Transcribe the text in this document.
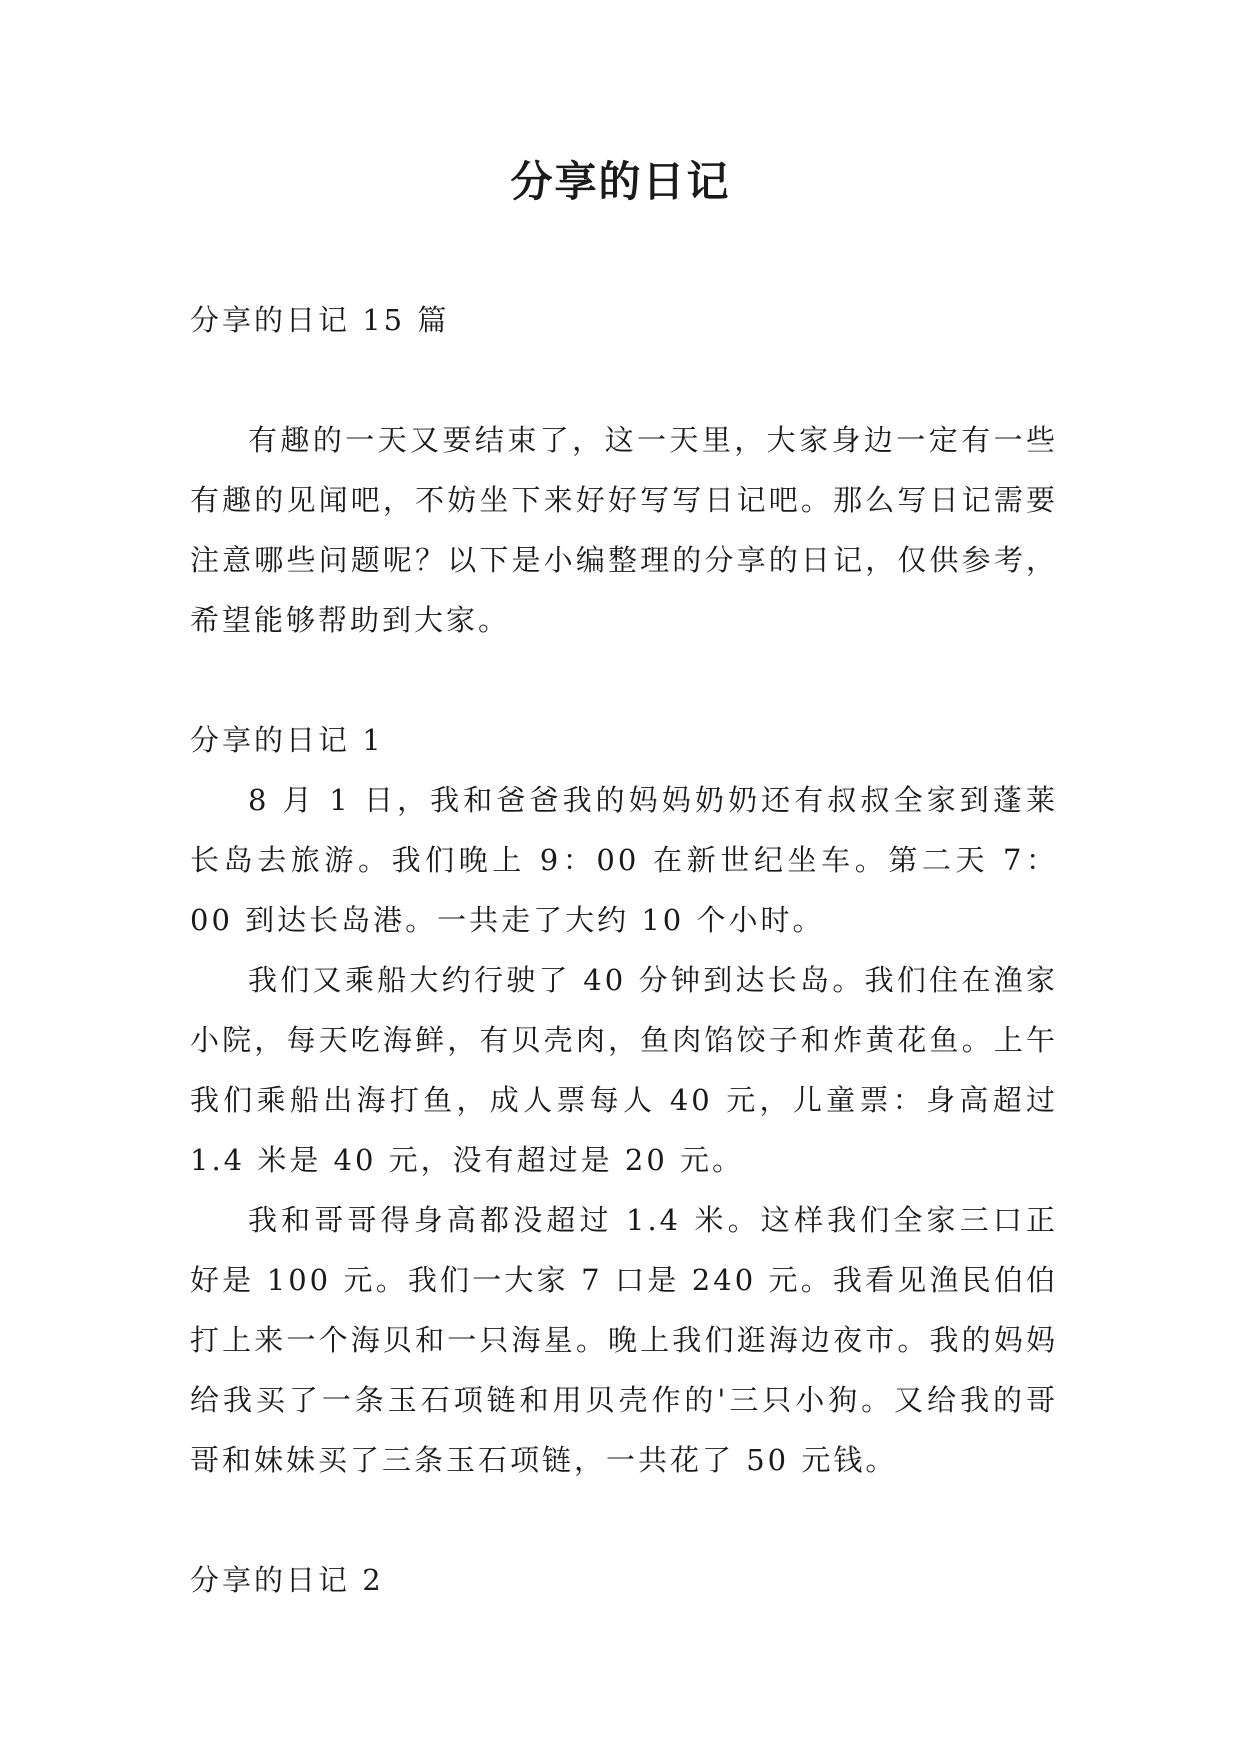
分享的日记

分享的日记 15 篇

有趣的一天又要结束了，这一天里，大家身边一定有一些有趣的见闻吧，不妨坐下来好好写写日记吧。那么写日记需要注意哪些问题呢？以下是小编整理的分享的日记，仅供参考，希望能够帮助到大家。

分享的日记 1

8 月 1 日，我和爸爸我的妈妈奶奶还有叔叔全家到蓬莱长岛去旅游。我们晚上 9：00 在新世纪坐车。第二天 7：00 到达长岛港。一共走了大约 10 个小时。

我们又乘船大约行驶了 40 分钟到达长岛。我们住在渔家小院，每天吃海鲜，有贝壳肉，鱼肉馅饺子和炸黄花鱼。上午我们乘船出海打鱼，成人票每人 40 元，儿童票：身高超过 1.4 米是 40 元，没有超过是 20 元。

我和哥哥得身高都没超过 1.4 米。这样我们全家三口正好是 100 元。我们一大家 7 口是 240 元。我看见渔民伯伯打上来一个海贝和一只海星。晚上我们逛海边夜市。我的妈妈给我买了一条玉石项链和用贝壳作的'三只小狗。又给我的哥哥和妹妹买了三条玉石项链，一共花了 50 元钱。

分享的日记 2
